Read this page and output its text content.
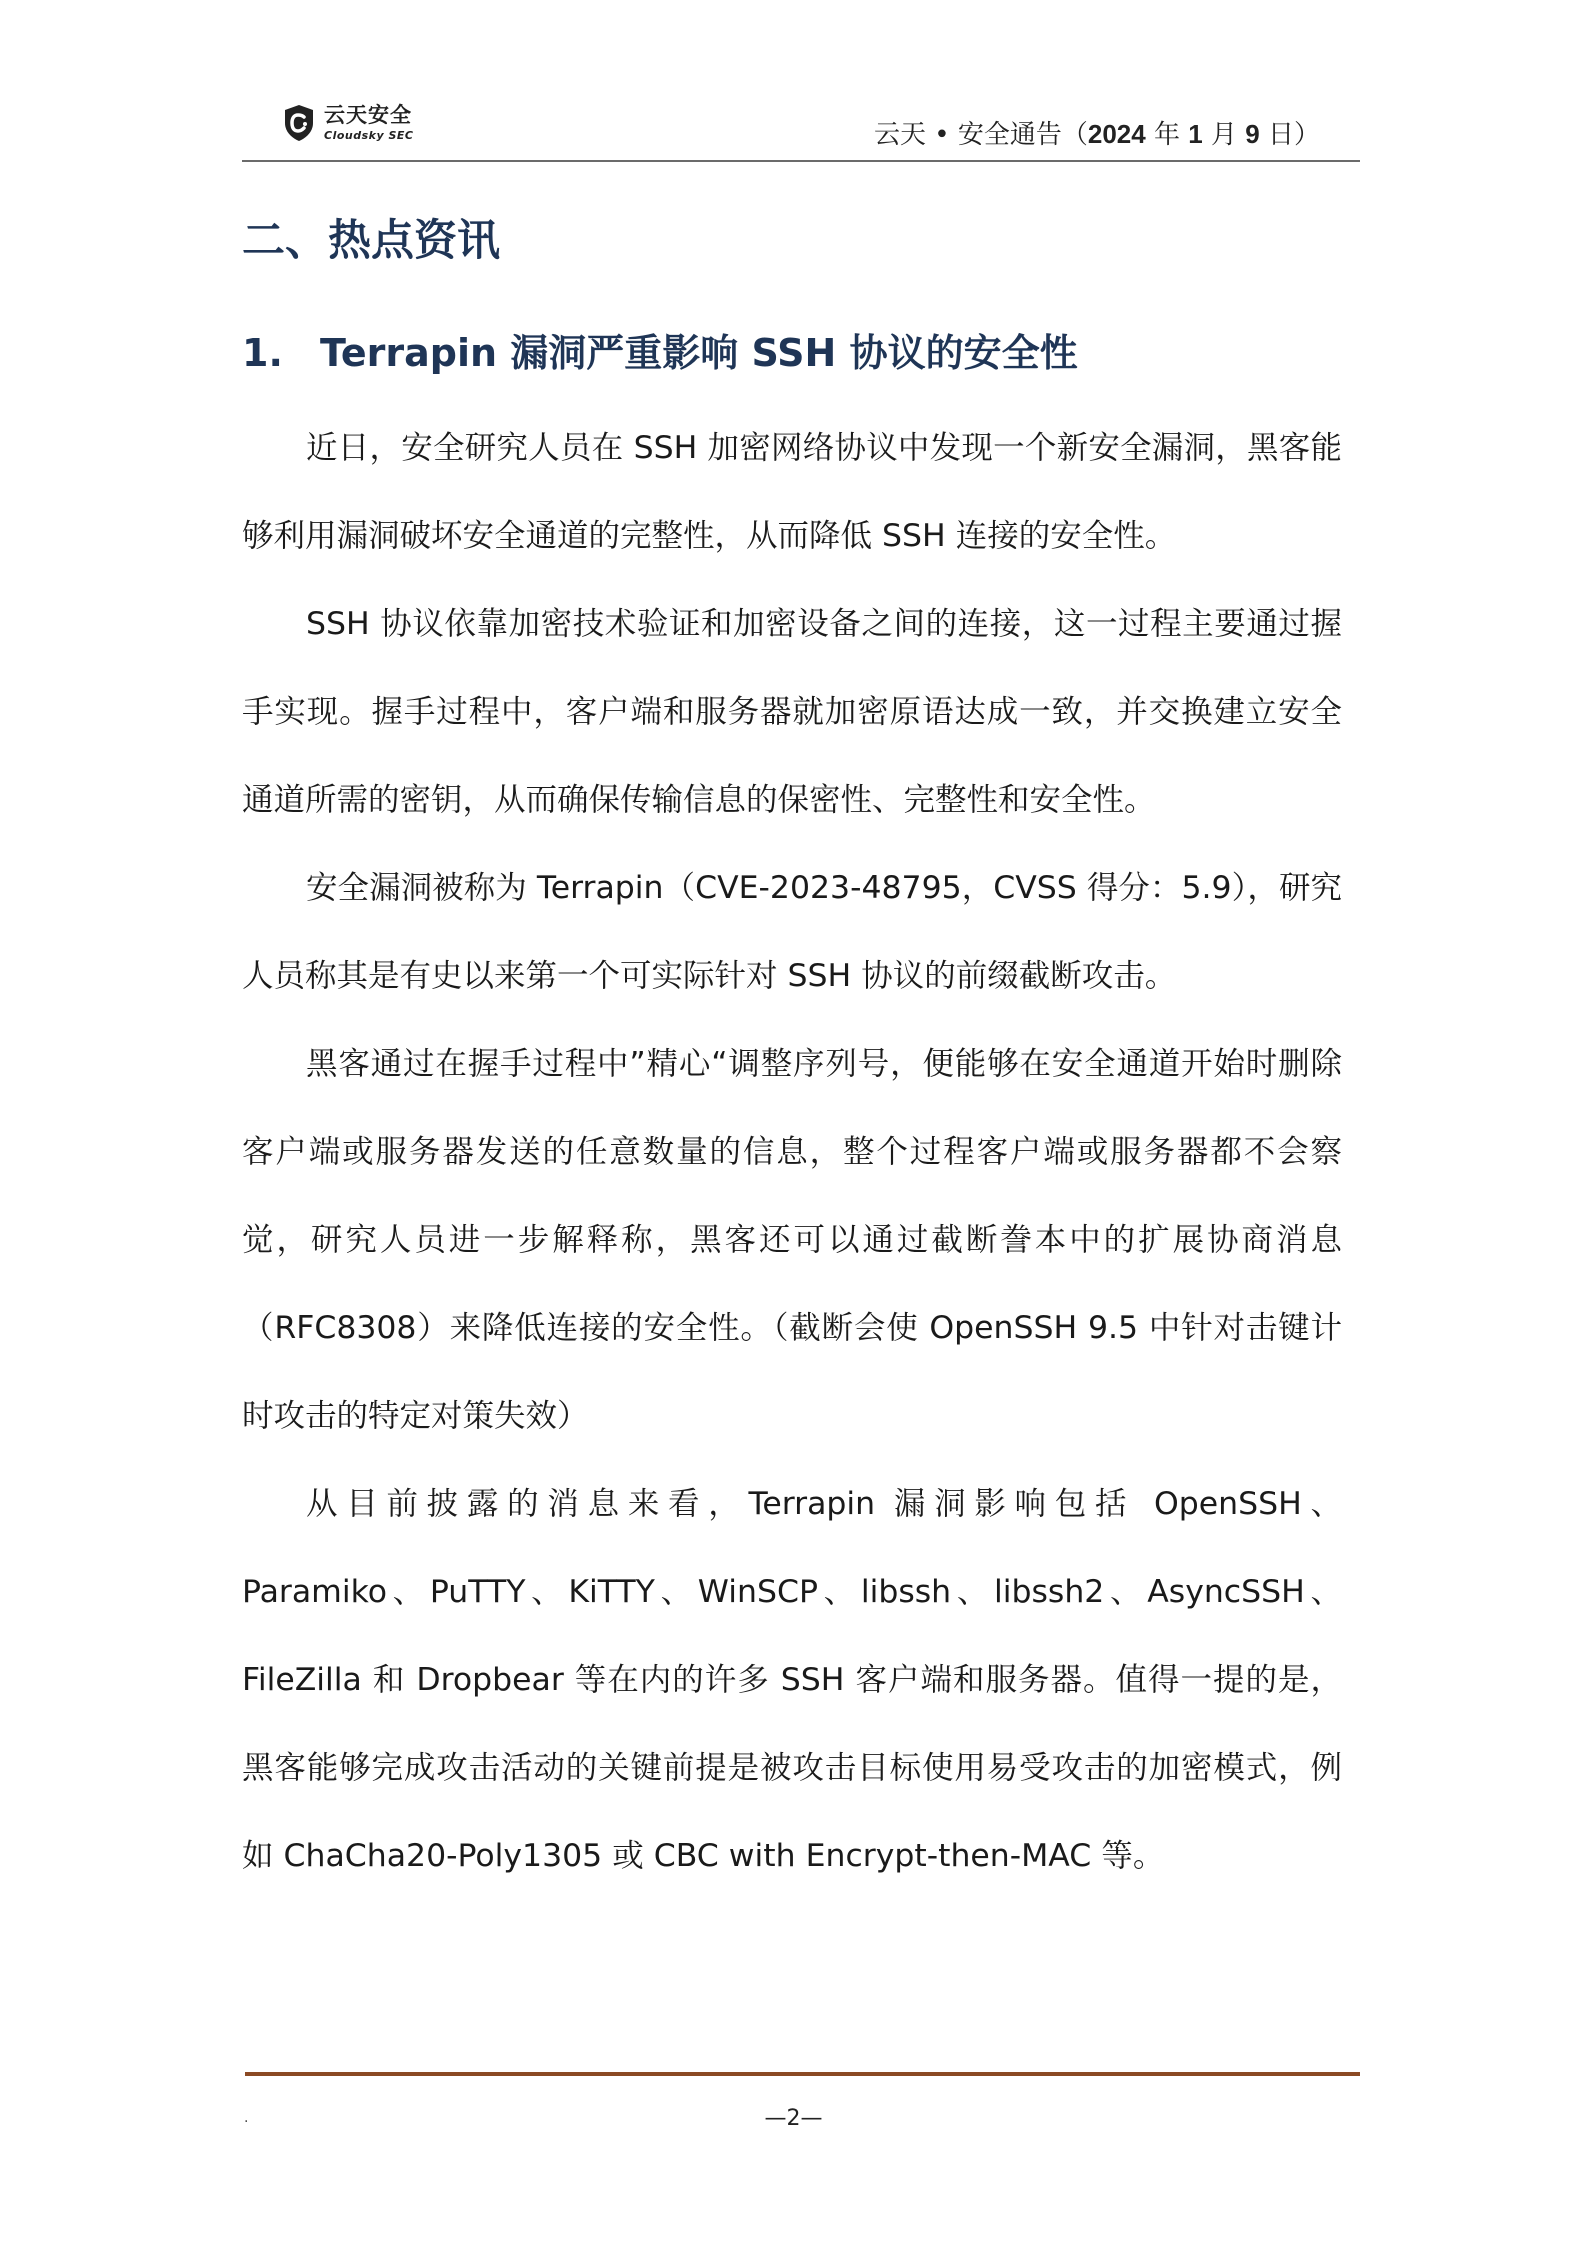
云天安全
Cloudsky SEC	云天 • 安全通告（2024 年 1 月 9 日）
二、热点资讯
1. Terrapin 漏洞严重影响 SSH 协议的安全性

近日，安全研究人员在 SSH 加密网络协议中发现一个新安全漏洞，黑客能够利用漏洞破坏安全通道的完整性，从而降低 SSH 连接的安全性。

SSH 协议依靠加密技术验证和加密设备之间的连接，这一过程主要通过握手实现。握手过程中，客户端和服务器就加密原语达成一致，并交换建立安全通道所需的密钥，从而确保传输信息的保密性、完整性和安全性。

安全漏洞被称为 Terrapin（CVE-2023-48795，CVSS 得分：5.9），研究人员称其是有史以来第一个可实际针对 SSH 协议的前缀截断攻击。

黑客通过在握手过程中”精心“调整序列号，便能够在安全通道开始时删除客户端或服务器发送的任意数量的信息，整个过程客户端或服务器都不会察觉，研究人员进一步解释称，黑客还可以通过截断誊本中的扩展协商消息（RFC8308）来降低连接的安全性。（截断会使 OpenSSH 9.5 中针对击键计时攻击的特定对策失效）

从目前披露的消息来看，Terrapin 漏洞影响包括 OpenSSH、Paramiko、PuTTY、KiTTY、WinSCP、libssh、libssh2、AsyncSSH、FileZilla 和 Dropbear 等在内的许多 SSH 客户端和服务器。值得一提的是，黑客能够完成攻击活动的关键前提是被攻击目标使用易受攻击的加密模式，例如 ChaCha20-Poly1305 或 CBC with Encrypt-then-MAC 等。

.	—2—
